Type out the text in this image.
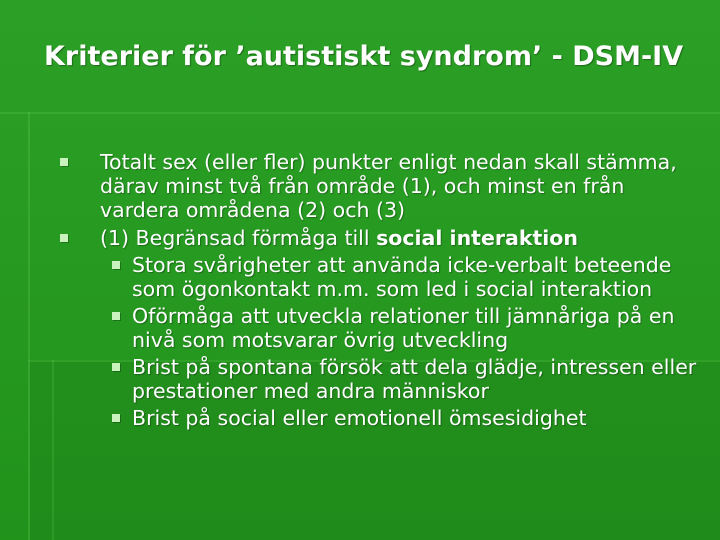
Kriterier för ’autistiskt syndrom’ - DSM-IV
Totalt sex (eller fler) punkter enligt nedan skall stämma, därav minst två från område (1), och minst en från vardera områdena (2) och (3)
(1) Begränsad förmåga till social interaktion
Stora svårigheter att använda icke-verbalt beteende som ögonkontakt m.m. som led i social interaktion
Oförmåga att utveckla relationer till jämnåriga på en nivå som motsvarar övrig utveckling
Brist på spontana försök att dela glädje, intressen eller prestationer med andra människor
Brist på social eller emotionell ömsesidighet
